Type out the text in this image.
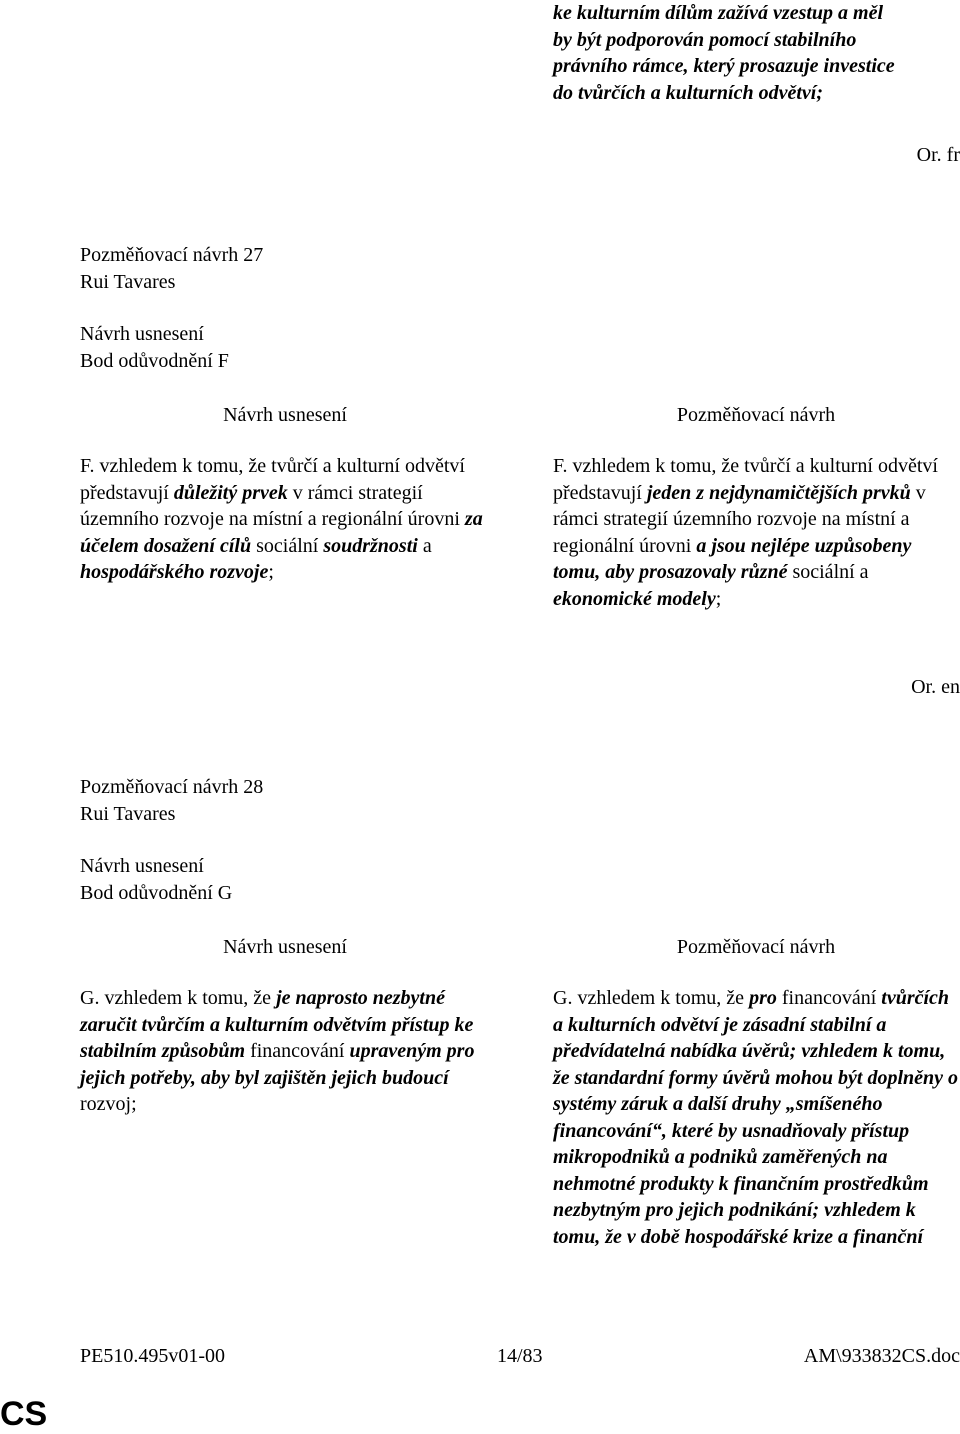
ke kulturním dílům zažívá vzestup a měl
by být podporován pomocí stabilního
právního rámce, který prosazuje investice
do tvůrčích a kulturních odvětví;
Or. fr
Pozměňovací návrh 27
Rui Tavares
Návrh usnesení
Bod odůvodnění F
Návrh usnesení	Pozměňovací návrh
F. vzhledem k tomu, že tvůrčí a kulturní odvětví představují důležitý prvek v rámci strategií územního rozvoje na místní a regionální úrovni za účelem dosažení cílů sociální soudržnosti a hospodářského rozvoje;
F. vzhledem k tomu, že tvůrčí a kulturní odvětví představují jeden z nejdynamičtějších prvků v rámci strategií územního rozvoje na místní a regionální úrovni a jsou nejlépe uzpůsobeny tomu, aby prosazovaly různé sociální a ekonomické modely;
Or. en
Pozměňovací návrh 28
Rui Tavares
Návrh usnesení
Bod odůvodnění G
Návrh usnesení	Pozměňovací návrh
G. vzhledem k tomu, že je naprosto nezbytné zaručit tvůrčím a kulturním odvětvím přístup ke stabilním způsobům financování upraveným pro jejich potřeby, aby byl zajištěn jejich budoucí rozvoj;
G. vzhledem k tomu, že pro financování tvůrčích a kulturních odvětví je zásadní stabilní a předvídatelná nabídka úvěrů; vzhledem k tomu, že standardní formy úvěrů mohou být doplněny o systémy záruk a další druhy „smíšeného financování“, které by usnadňovaly přístup mikropodniků a podniků zaměřených na nehmotné produkty k finančním prostředkům nezbytným pro jejich podnikání; vzhledem k tomu, že v době hospodářské krize a finanční
PE510.495v01-00	14/83	AM\933832CS.doc
CS
